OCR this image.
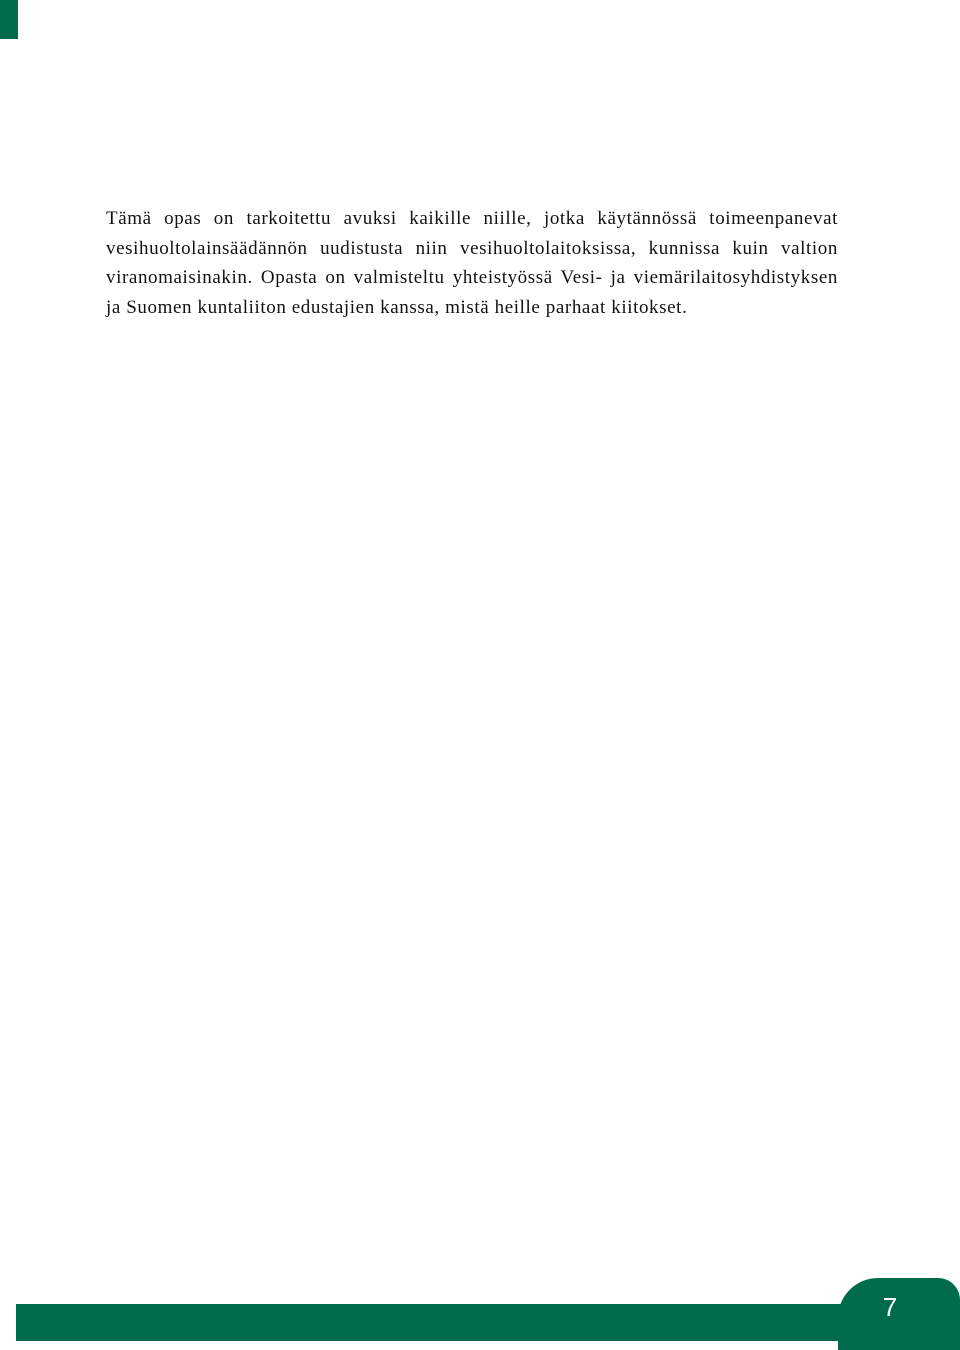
Tämä opas on tarkoitettu avuksi kaikille niille, jotka käytännössä toimeenpanevat vesihuoltolainsäädännön uudistusta niin vesihuoltolaitoksissa, kunnissa kuin valtion viranomaisinakin. Opasta on valmisteltu yhteistyössä Vesi- ja viemärilaitosyhdistyksen ja Suomen kuntaliiton edustajien kanssa, mistä heille parhaat kiitokset.

7
